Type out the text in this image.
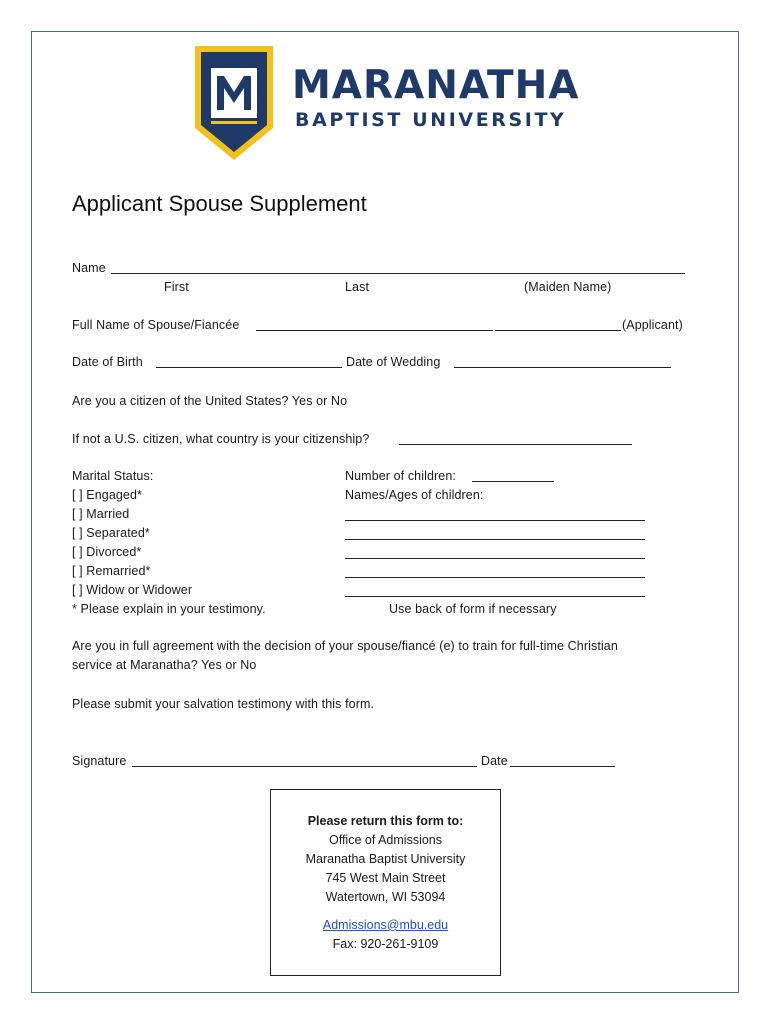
MARANATHA
BAPTIST UNIVERSITY
Applicant Spouse Supplement
Name
First	Last	(Maiden Name)
Full Name of Spouse/Fiancée	(Applicant)
Date of Birth	Date of Wedding
Are you a citizen of the United States? Yes or No
If not a U.S. citizen, what country is your citizenship?
Marital Status:
[ ] Engaged*
[ ] Married
[ ] Separated*
[ ] Divorced*
[ ] Remarried*
[ ] Widow or Widower
* Please explain in your testimony.
Number of children:
Names/Ages of children:
Use back of form if necessary
Are you in full agreement with the decision of your spouse/fiancé (e) to train for full-time Christian
service at Maranatha? Yes or No
Please submit your salvation testimony with this form.
Signature	Date
Please return this form to:
Office of Admissions
Maranatha Baptist University
745 West Main Street
Watertown, WI 53094
Admissions@mbu.edu
Fax: 920-261-9109
